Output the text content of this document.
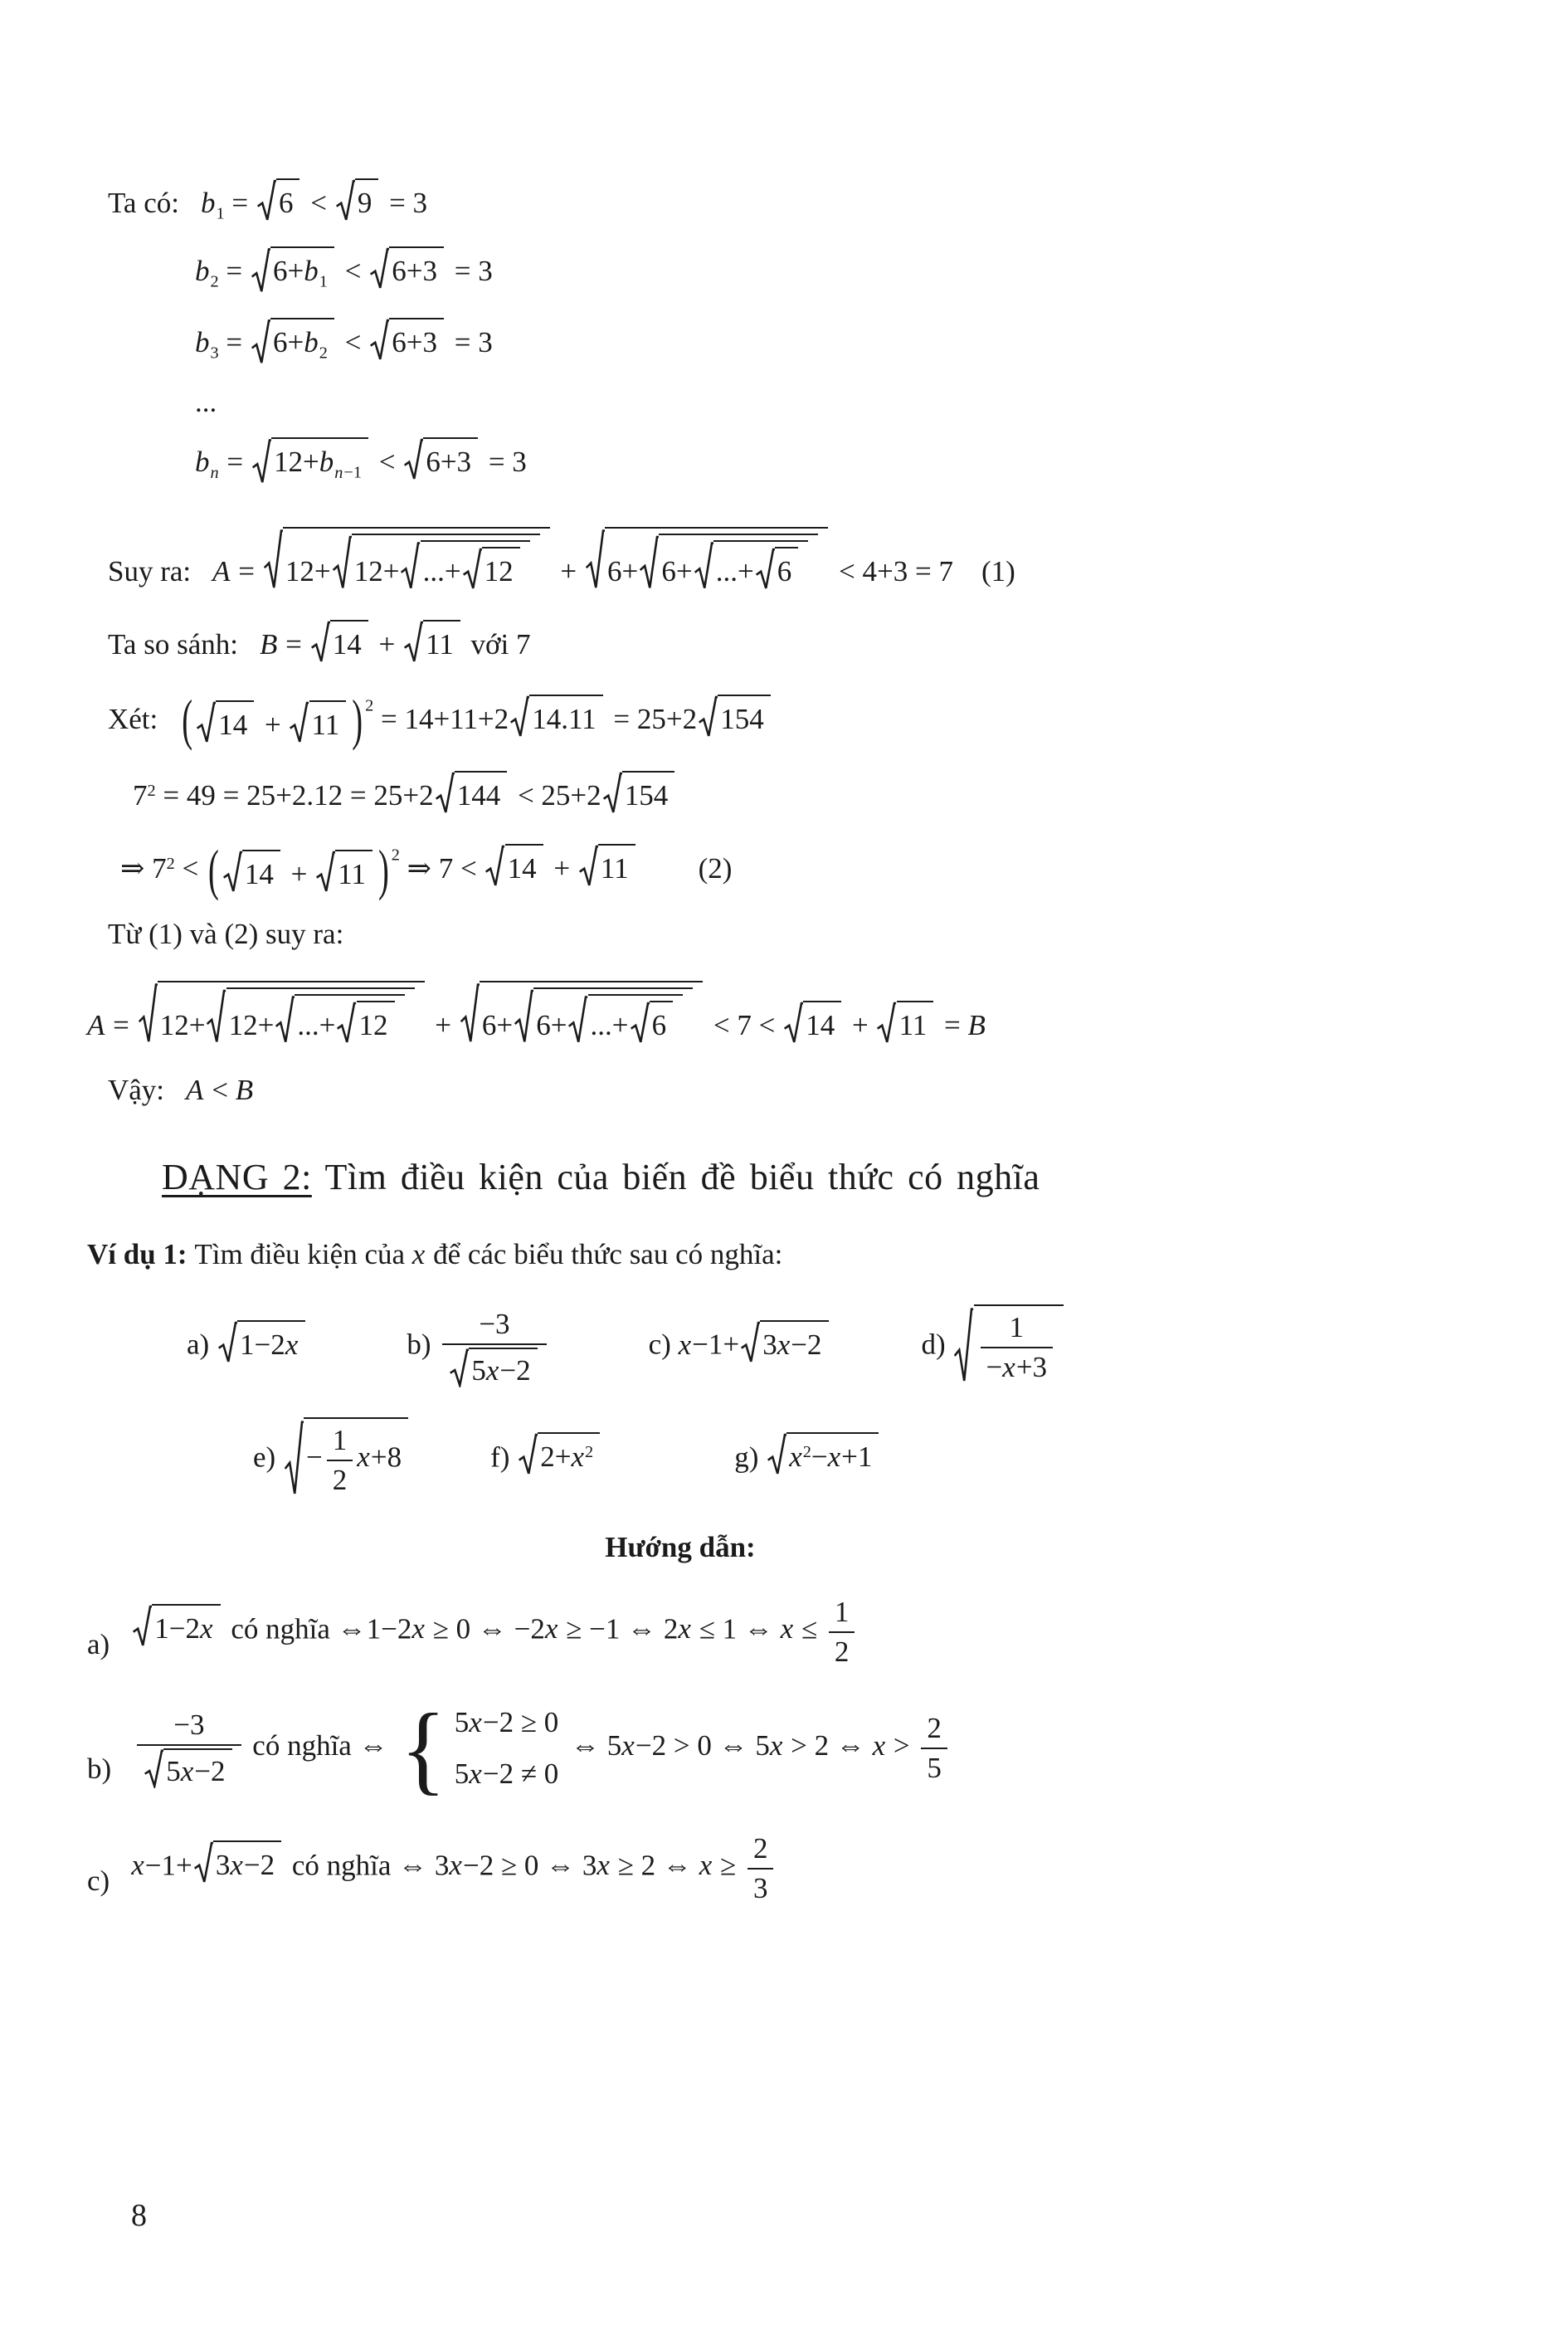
Ta có: $b_1$ =
6 <
9 = 3
$b_2$ =
$6+b_1$ <
6+3 = 3
$b_3$ =
$6+b_2$ <
6+3 = 3
...
$b_n$ =
$12+b_{n-1}$ <
6+3 = 3
Suy ra: A =
12+ 12+ ...+ 12 +
6+ 6+ ...+ 6 < 4+3 = 7 (1)
Ta so sánh: B =
14 +
11 với 7
Xét: ( 14 +
11 ) $^2$ = 14+11+2 14.11 = 25+2 154
$7^2 = 49 = 25+2.12 = 25+2$ 144 < 25+2 154
⇒ $7^2$ < ( 14 +
11 ) $^2$ ⇒ 7 <
14 +
11	(2)
Từ (1) và (2) suy ra:
A =
12+ 12+ ...+ 12 +
6+ 6+ ...+ 6 < 7 <
14 +
11 = B
Vậy: A < B
DẠNG 2: Tìm điều kiện của biến đề biểu thức có nghĩa
Ví dụ 1: Tìm điều kiện của x để các biểu thức sau có nghĩa:
a)
1−2x	$b) \frac{-3}{5x-2}$	c) x−1+ 3x−2	$d) \frac{1}{-x+3}$
e)
− $\frac{1}{2} x+8$	f)
$2+x^2$	g)
$x^2-x+1$
Hướng dẫn:
a)	1−2x có nghĩa ⇔1−2x ≥ 0 ⇔ −2x ≥ −1 ⇔ 2x ≤ 1 ⇔ $x \le \frac{1}{2}$
$b) \frac{-3}{5x-2}$ có nghĩa ⇔ { 5x−2 ≥ 0
5x−2 ≠ 0
⇔ 5x−2 > 0 ⇔ 5x > 2 ⇔ $x > \frac{2}{5}$
c) x−1+ 3x−2 có nghĩa ⇔ 3x−2 ≥ 0 ⇔ 3x ≥ 2 ⇔ $x \ge \frac{2}{3}$
8
